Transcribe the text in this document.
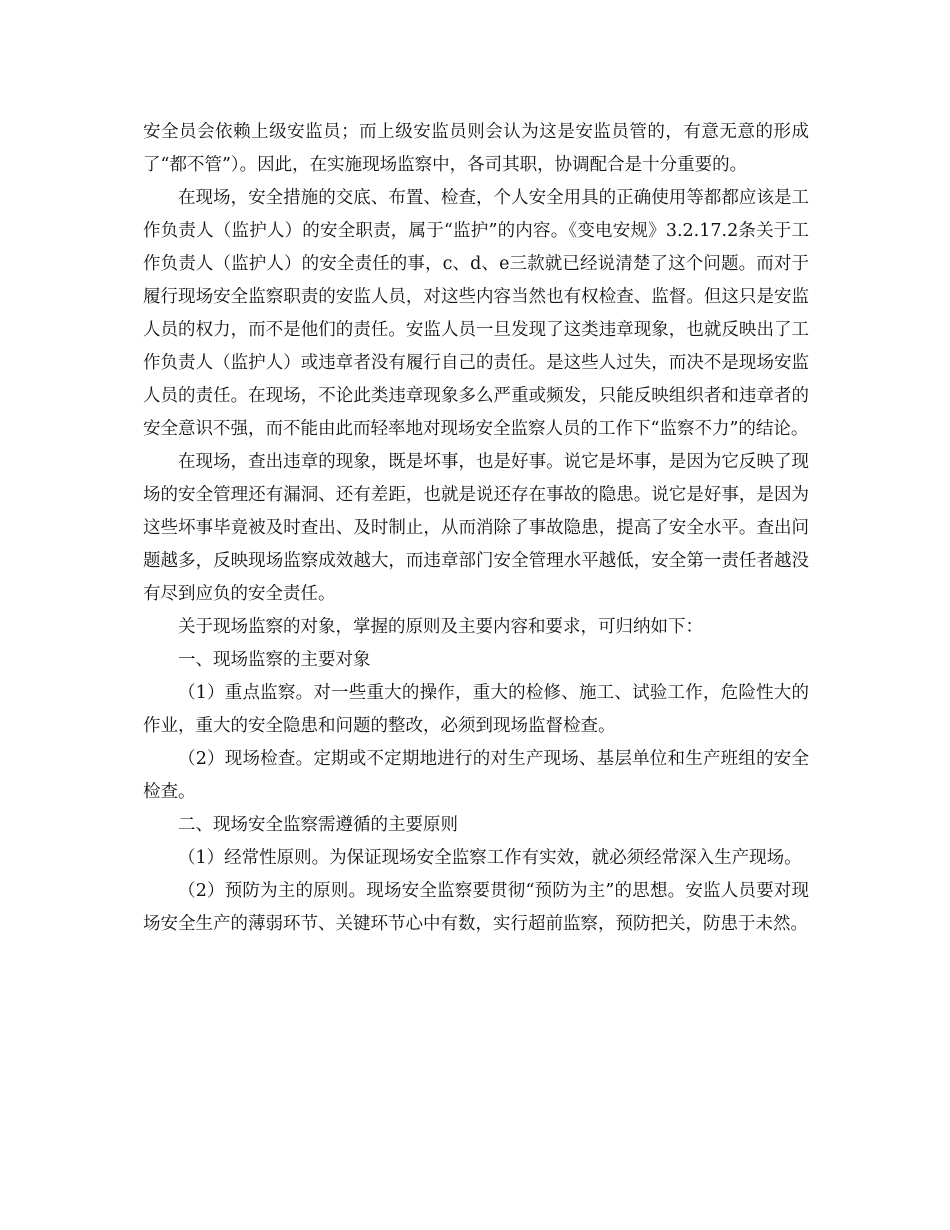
安全员会依赖上级安监员；而上级安监员则会认为这是安监员管的，有意无意的形成了“都不管”）。因此，在实施现场监察中，各司其职，协调配合是十分重要的。

在现场，安全措施的交底、布置、检查，个人安全用具的正确使用等都都应该是工作负责人（监护人）的安全职责，属于“监护”的内容。《变电安规》3.2.17.2条关于工作负责人（监护人）的安全责任的事，c、d、e三款就已经说清楚了这个问题。而对于履行现场安全监察职责的安监人员，对这些内容当然也有权检查、监督。但这只是安监人员的权力，而不是他们的责任。安监人员一旦发现了这类违章现象，也就反映出了工作负责人（监护人）或违章者没有履行自己的责任。是这些人过失，而决不是现场安监人员的责任。在现场，不论此类违章现象多么严重或频发，只能反映组织者和违章者的安全意识不强，而不能由此而轻率地对现场安全监察人员的工作下“监察不力”的结论。

在现场，查出违章的现象，既是坏事，也是好事。说它是坏事，是因为它反映了现场的安全管理还有漏洞、还有差距，也就是说还存在事故的隐患。说它是好事，是因为这些坏事毕竟被及时查出、及时制止，从而消除了事故隐患，提高了安全水平。查出问题越多，反映现场监察成效越大，而违章部门安全管理水平越低，安全第一责任者越没有尽到应负的安全责任。

关于现场监察的对象，掌握的原则及主要内容和要求，可归纳如下：

一、现场监察的主要对象

（1）重点监察。对一些重大的操作，重大的检修、施工、试验工作，危险性大的作业，重大的安全隐患和问题的整改，必须到现场监督检查。

（2）现场检查。定期或不定期地进行的对生产现场、基层单位和生产班组的安全检查。

二、现场安全监察需遵循的主要原则

（1）经常性原则。为保证现场安全监察工作有实效，就必须经常深入生产现场。

（2）预防为主的原则。现场安全监察要贯彻“预防为主”的思想。安监人员要对现场安全生产的薄弱环节、关键环节心中有数，实行超前监察，预防把关，防患于未然。
